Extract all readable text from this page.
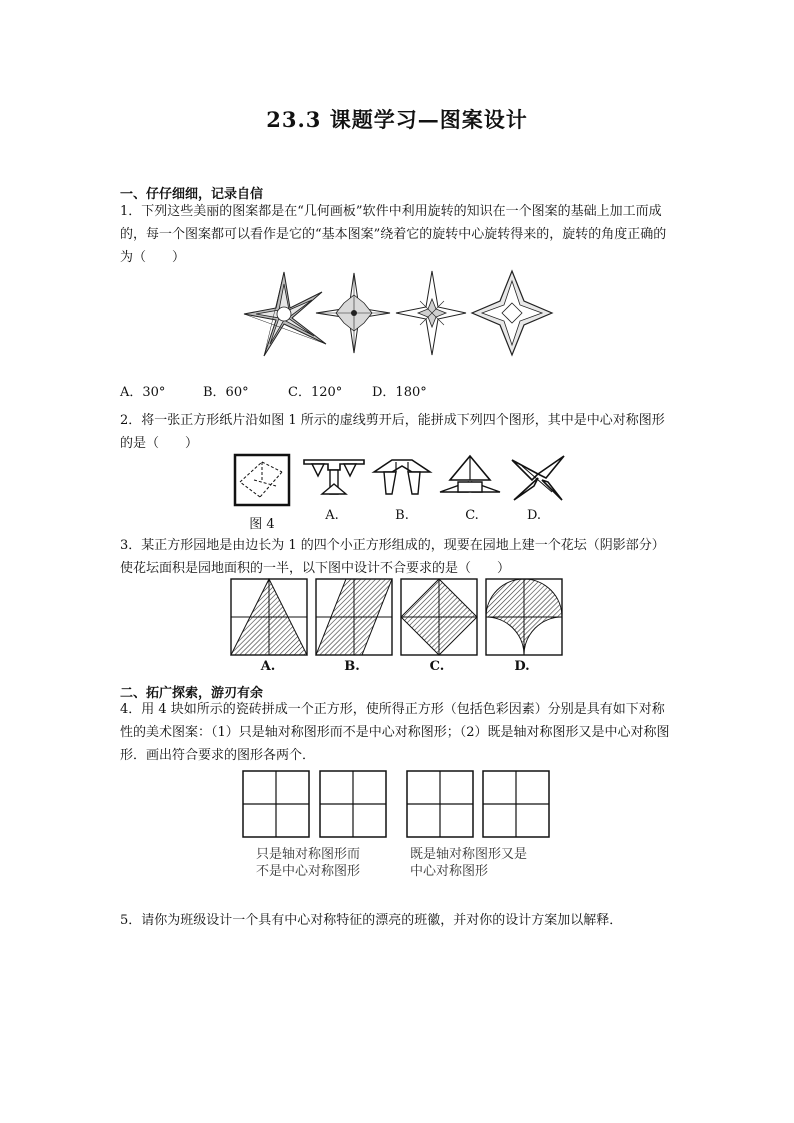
23.3 课题学习—图案设计
一、仔仔细细，记录自信
1．下列这些美丽的图案都是在“几何画板”软件中利用旋转的知识在一个图案的基础上加工而成的，每一个图案都可以看作是它的“基本图案”绕着它的旋转中心旋转得来的，旋转的角度正确的为（　　）
A．30°	B．60°	C．120° D．180°
2．将一张正方形纸片沿如图 1 所示的虚线剪开后，能拼成下列四个图形，其中是中心对称图形的是（　　）
图 4
A.	B.	C.	D.
3．某正方形园地是由边长为 1 的四个小正方形组成的，现要在园地上建一个花坛（阴影部分）使花坛面积是园地面积的一半，以下图中设计不合要求的是（　　）
A.	B.	C.	D.
二、拓广探索，游刃有余
4．用 4 块如所示的瓷砖拼成一个正方形，使所得正方形（包括色彩因素）分别是具有如下对称性的美术图案：（1）只是轴对称图形而不是中心对称图形；（2）既是轴对称图形又是中心对称图形．画出符合要求的图形各两个．
只是轴对称图形而
不是中心对称图形
既是轴对称图形又是
中心对称图形
5．请你为班级设计一个具有中心对称特征的漂亮的班徽，并对你的设计方案加以解释．
